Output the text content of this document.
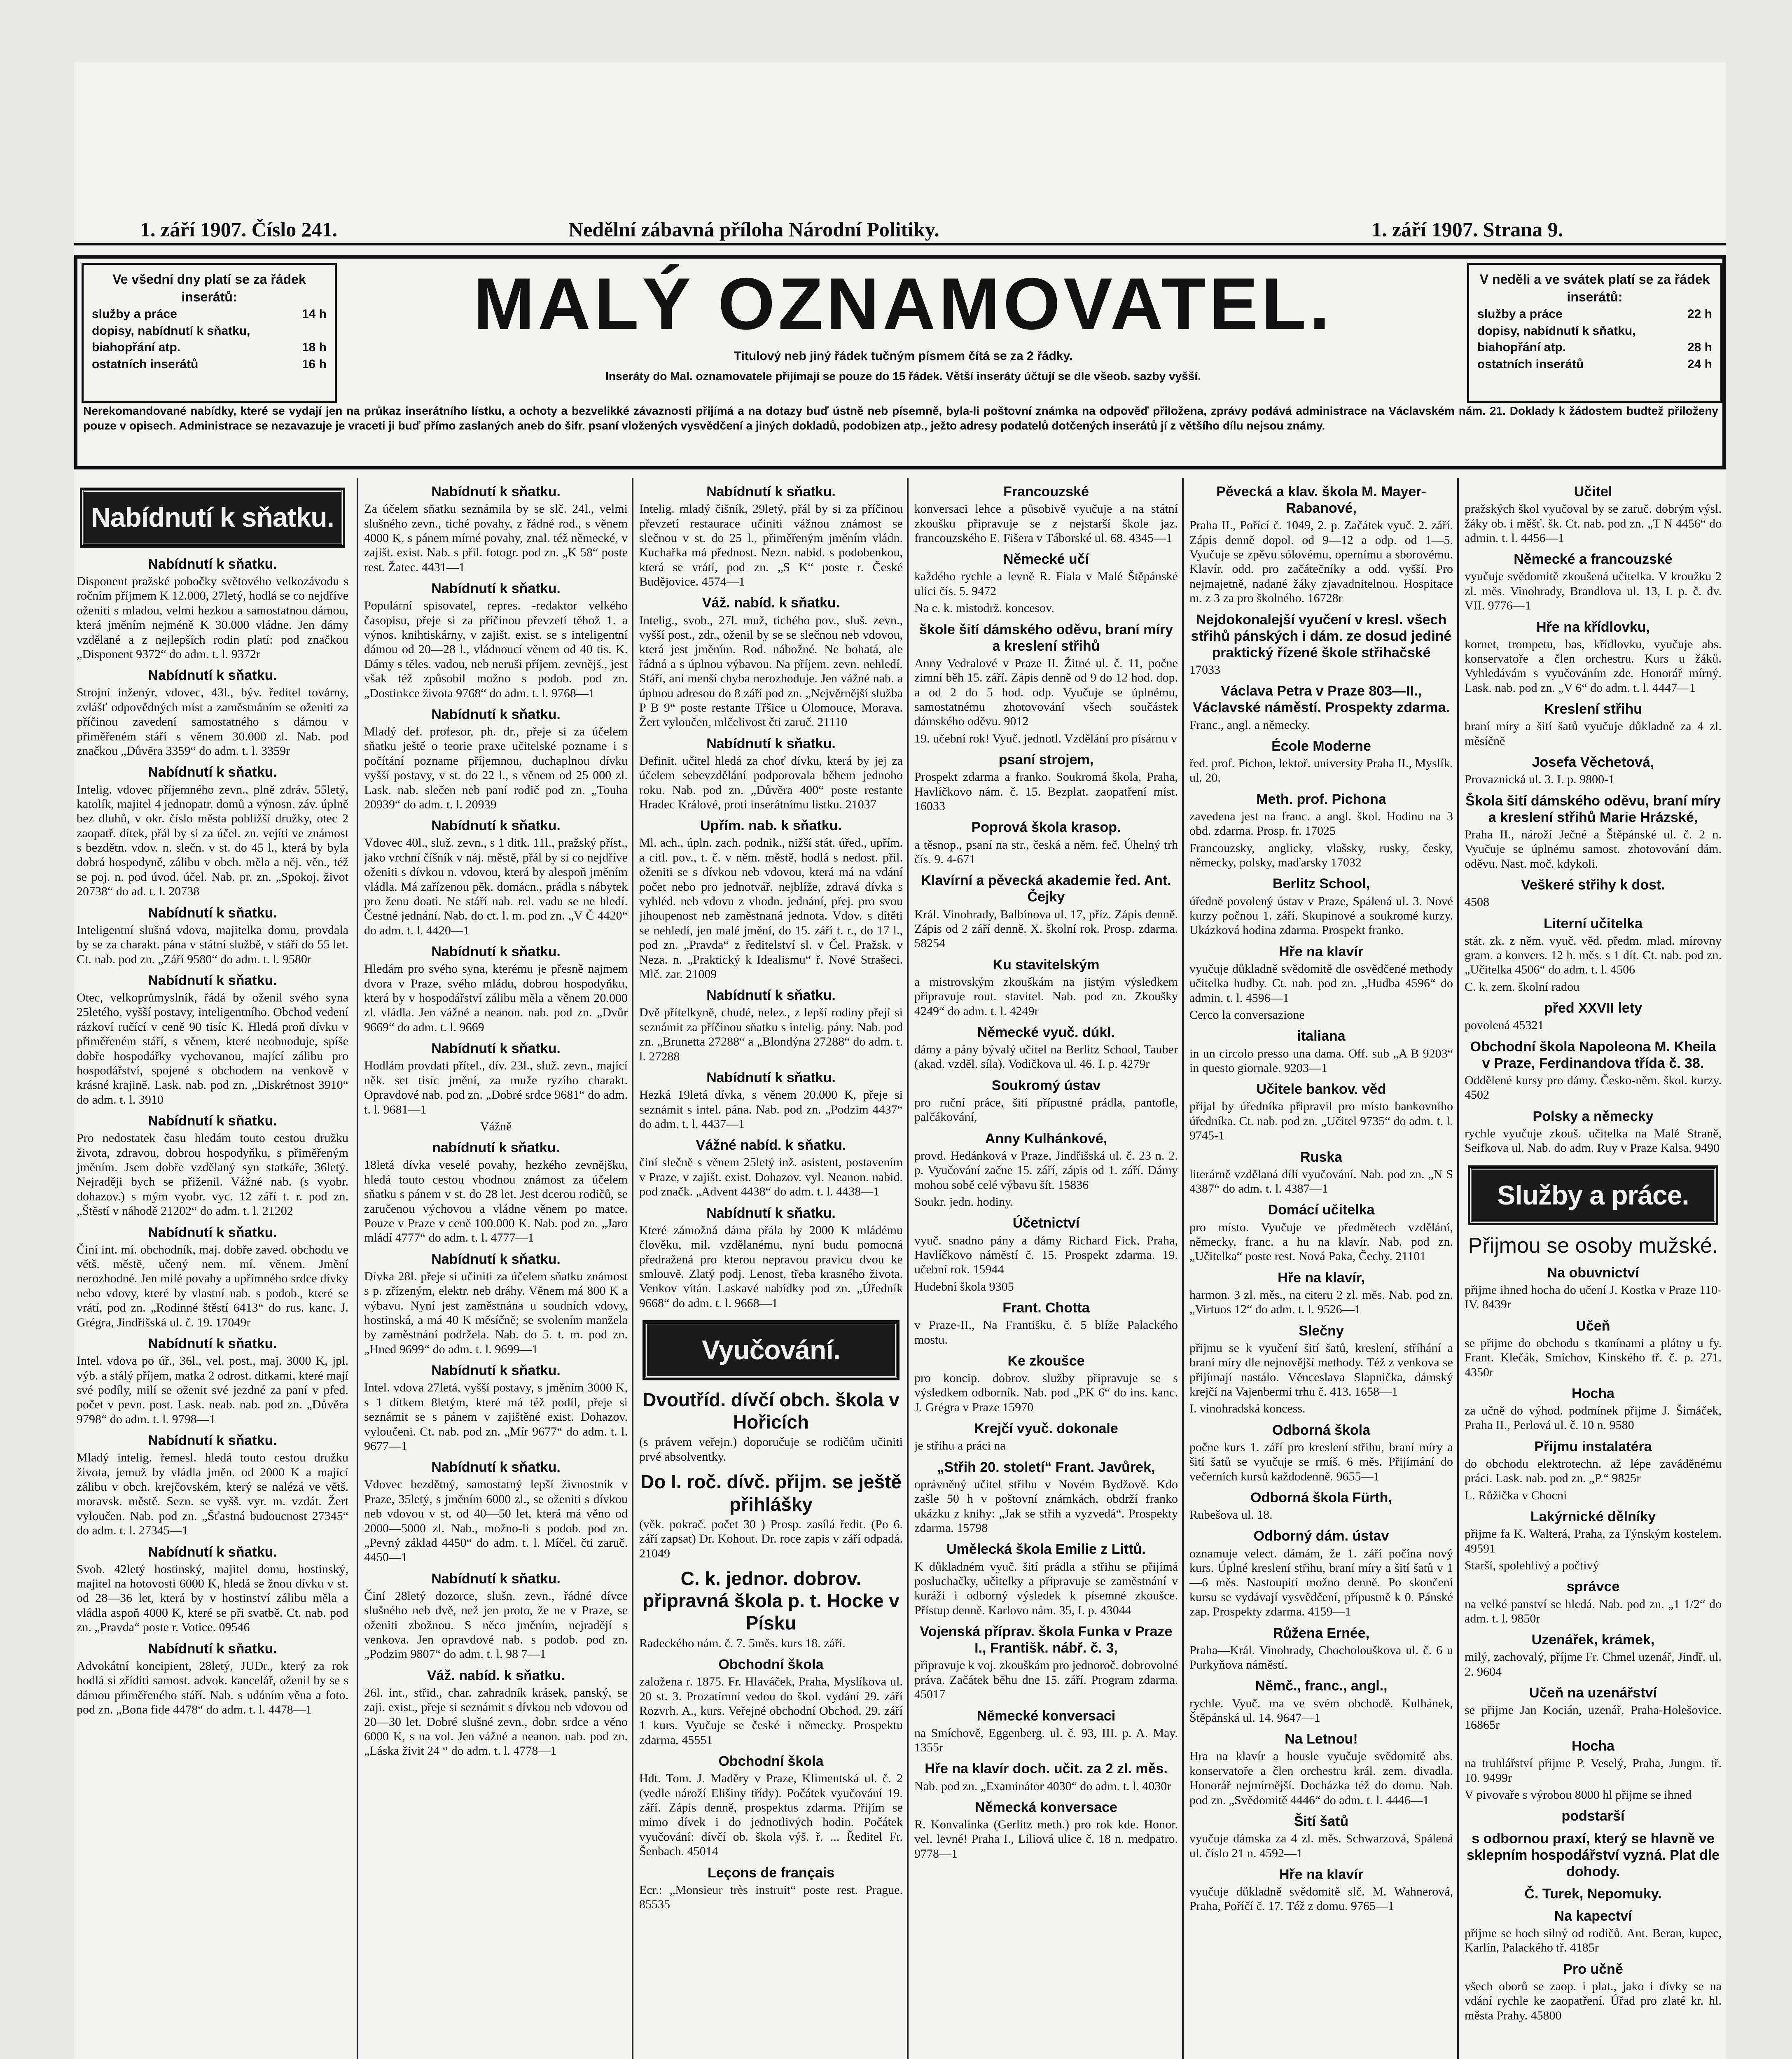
1. září 1907. Číslo 241.	Nedělní zábavná příloha Národní Politiky.	1. září 1907. Strana 9.
Ve všední dny platí se za řádek inserátů:
služby a práce	14 h
dopisy, nabídnutí k sňatku,
biahopřání atp.	18 h
ostatních inserátů	16 h
MALÝ OZNAMOVATEL.
Titulový neb jiný řádek tučným písmem čítá se za 2 řádky.
Inseráty do Mal. oznamovatele přijímají se pouze do 15 řádek. Větší inseráty účtují se dle všeob. sazby vyšší.
V neděli a ve svátek platí se za řádek inserátů:
služby a práce	22 h
dopisy, nabídnutí k sňatku,
biahopřání atp.	28 h
ostatních inserátů	24 h
Nerekomandované nabídky, které se vydají jen na průkaz inserátního lístku, a ochoty a bezvelikké závaznosti přijímá a na dotazy buď ústně neb písemně, byla-li poštovní známka na odpověď přiložena, zprávy podává administrace na Václavském nám. 21. Doklady k žádostem budtež přiloženy pouze v opisech. Administrace se nezavazuje je vraceti ji buď přímo zaslaných aneb do šifr. psaní vložených vysvědčení a jiných dokladů, podobizen atp., ježto adresy podatelů dotčených inserátů jí z většího dílu nejsou známy.
Nabídnutí k sňatku.
Nabídnutí k sňatku.

Disponent pražské pobočky světového velkozávodu s ročním příjmem K 12.000, 27letý, hodlá se co nejdříve oženiti s mladou, velmi hezkou a samostatnou dámou, která jměním nejméně K 30.000 vládne. Jen dámy vzdělané a z nejlepších rodin platí: pod značkou „Disponent 9372“ do adm. t. l. 9372r

Nabídnutí k sňatku.

Strojní inženýr, vdovec, 43l., býv. ředitel továrny, zvlášť odpovědných míst a zaměstnáním se oženiti za příčinou zavedení samostatného s dámou v přiměřeném stáří s věnem 30.000 zl. Nab. pod značkou „Důvěra 3359“ do adm. t. l. 3359r

Nabídnutí k sňatku.

Intelig. vdovec příjemného zevn., plně zdráv, 55letý, katolík, majitel 4 jednopatr. domů a výnosn. záv. úplně bez dluhů, v okr. číslo města pobližší družky, otec 2 zaopatř. dítek, přál by si za účel. zn. vejíti ve známost s bezdětn. vdov. n. slečn. v st. do 45 l., která by byla dobrá hospodyně, zálibu v obch. měla a něj. věn., též se poj. n. pod úvod. účel. Nab. pr. zn. „Spokoj. život 20738“ do ad. t. l. 20738

Nabídnutí k sňatku.

Inteligentní slušná vdova, majitelka domu, provdala by se za charakt. pána v státní službě, v stáří do 55 let. Ct. nab. pod zn. „Září 9580“ do adm. t. l. 9580r

Nabídnutí k sňatku.

Otec, velkoprůmyslník, řádá by oženil svého syna 25letého, vyšší postavy, inteligentního. Obchod vedení rázkoví ručící v ceně 90 tisíc K. Hledá proň dívku v přiměřeném stáří, s věnem, které neobnoduje, spíše dobře hospodářky vychovanou, mající zálibu pro hospodářství, spojené s obchodem na venkově v krásné krajině. Lask. nab. pod zn. „Diskrétnost 3910“ do adm. t. l. 3910

Nabídnutí k sňatku.

Pro nedostatek času hledám touto cestou družku života, zdravou, dobrou hospodyňku, s přiměřeným jměním. Jsem dobře vzdělaný syn statkáře, 36letý. Nejraději bych se přiženil. Vážné nab. (s vyobr. dohazov.) s mým vyobr. vyc. 12 září t. r. pod zn. „Štěstí v náhodě 21202“ do adm. t. l. 21202

Nabídnutí k sňatku.

Činí int. mí. obchodník, maj. dobře zaved. obchodu ve větš. městě, učený nem. mí. věnem. Jmění nerozhodné. Jen milé povahy a upřímného srdce dívky nebo vdovy, které by vlastní nab. s podob., které se vrátí, pod zn. „Rodinné štěstí 6413“ do rus. kanc. J. Grégra, Jindřišská ul. č. 19. 17049r

Nabídnutí k sňatku.

Intel. vdova po úř., 36l., vel. post., maj. 3000 K, jpl. výb. a stálý příjem, matka 2 odrost. ditkami, které mají své podíly, milí se oženit své jezdné za paní v pfed. počet v pevn. post. Lask. neab. nab. pod zn. „Důvěra 9798“ do adm. t. l. 9798—1

Nabídnutí k sňatku.

Mladý intelig. řemesl. hledá touto cestou družku života, jemuž by vládla jměn. od 2000 K a mající zálibu v obch. krejčovském, který se nalézá ve větš. moravsk. městě. Sezn. se vyšš. vyr. m. vzdát. Žert vyloučen. Nab. pod zn. „Šťastná budoucnost 27345“ do adm. t. l. 27345—1

Nabídnutí k sňatku.

Svob. 42letý hostinský, majitel domu, hostinský, majitel na hotovosti 6000 K, hledá se žnou dívku v st. od 28—36 let, která by v hostinství zálibu měla a vládla aspoň 4000 K, které se při svatbě. Ct. nab. pod zn. „Pravda“ poste r. Votice. 09546

Nabídnutí k sňatku.

Advokátní koncipient, 28letý, JUDr., který za rok hodlá si zříditi samost. advok. kancelář, oženil by se s dámou přiměřeného stáří. Nab. s udáním věna a foto. pod zn. „Bona fide 4478“ do adm. t. l. 4478—1

Nabídnutí k sňatku.

Za účelem sňatku seznámila by se slč. 24l., velmi slušného zevn., tiché povahy, z řádné rod., s věnem 4000 K, s pánem mírné povahy, znal. též německé, v zajišt. exist. Nab. s přil. fotogr. pod zn. „K 58“ poste rest. Žatec. 4431—1

Nabídnutí k sňatku.

Populární spisovatel, repres. -redaktor velkého časopisu, přeje si za příčinou převzetí těhož 1. a výnos. knihtiskárny, v zajišt. exist. se s inteligentní dámou od 20—28 l., vládnoucí věnem od 40 tis. K. Dámy s těles. vadou, neb neruši příjem. zevnějš., jest však též způsobil možno s podob. pod zn. „Dostinkce života 9768“ do adm. t. l. 9768—1

Nabídnutí k sňatku.

Mladý def. profesor, ph. dr., přeje si za účelem sňatku ještě o teorie praxe učitelské pozname i s počítání pozname příjemnou, duchaplnou dívku vyšší postavy, v st. do 22 l., s věnem od 25 000 zl. Lask. nab. slečen neb paní rodič pod zn. „Touha 20939“ do adm. t. l. 20939

Nabídnutí k sňatku.

Vdovec 40l., služ. zevn., s 1 ditk. 11l., pražský příst., jako vrchní číšník v náj. městě, přál by si co nejdříve oženiti s dívkou n. vdovou, která by alespoň jměním vládla. Má zařízenou pěk. domácn., prádla s nábytek pro ženu doati. Ne stáří nab. rel. vadu se ne hledí. Čestné jednání. Nab. do ct. l. m. pod zn. „V Č 4420“ do adm. t. l. 4420—1

Nabídnutí k sňatku.

Hledám pro svého syna, kterému je přesně najmem dvora v Praze, svého mládu, dobrou hospodyňku, která by v hospodářství zálibu měla a věnem 20.000 zl. vládla. Jen vážné a neanon. nab. pod zn. „Dvůr 9669“ do adm. t. l. 9669

Nabídnutí k sňatku.

Hodlám provdati přítel., dív. 23l., služ. zevn., mající něk. set tisíc jmění, za muže ryzího charakt. Opravdové nab. pod zn. „Dobré srdce 9681“ do adm. t. l. 9681—1

Vážně

nabídnutí k sňatku.

18letá dívka veselé povahy, hezkého zevnějšku, hledá touto cestou vhodnou známost za účelem sňatku s pánem v st. do 28 let. Jest dcerou rodičů, se zaručenou výchovou a vládne věnem po matce. Pouze v Praze v ceně 100.000 K. Nab. pod zn. „Jaro mládí 4777“ do adm. t. l. 4777—1

Nabídnutí k sňatku.

Dívka 28l. přeje si učiniti za účelem sňatku známost s p. zřízeným, elektr. neb dráhy. Věnem má 800 K a výbavu. Nyní jest zaměstnána u soudních vdovy, hostinská, a má 40 K měsíčně; se svolením manžela by zaměstnání podržela. Nab. do 5. t. m. pod zn. „Hned 9699“ do adm. t. l. 9699—1

Nabídnutí k sňatku.

Intel. vdova 27letá, vyšší postavy, s jměním 3000 K, s 1 dítkem 8letým, které má též podíl, přeje si seznámit se s pánem v zajištěné exist. Dohazov. vyloučeni. Ct. nab. pod zn. „Mír 9677“ do adm. t. l. 9677—1

Nabídnutí k sňatku.

Vdovec bezdětný, samostatný lepší živnostník v Praze, 35letý, s jměním 6000 zl., se oženiti s dívkou neb vdovou v st. od 40—50 let, která má věno od 2000—5000 zl. Nab., možno-li s podob. pod zn. „Pevný základ 4450“ do adm. t. l. Míčel. čti zaruč. 4450—1

Nabídnutí k sňatku.

Činí 28letý dozorce, slušn. zevn., řádné dívce slušného neb dvě, než jen proto, že ne v Praze, se oženiti zbožnou. S něco jměním, nejradějí s venkova. Jen opravdové nab. s podob. pod zn. „Podzim 9807“ do adm. t. l. 98 7—1

Váž. nabíd. k sňatku.

26l. int., střid., char. zahradník krásek, panský, se zaji. exist., přeje si seznámit s dívkou neb vdovou od 20—30 let. Dobré slušné zevn., dobr. srdce a věno 6000 K, s na vol. Jen vážné a neanon. nab. pod zn. „Láska živit 24 “ do adm. t. l. 4778—1

Nabídnutí k sňatku.

Intelig. mladý čišník, 29letý, přál by si za příčinou převzetí restaurace učiniti vážnou známost se slečnou v st. do 25 l., přiměřeným jměním vládn. Kuchařka má přednost. Nezn. nabid. s podobenkou, která se vrátí, pod zn. „S K“ poste r. České Budějovice. 4574—1

Váž. nabíd. k sňatku.

Intelig., svob., 27l. muž, tichého pov., sluš. zevn., vyšší post., zdr., oženil by se se slečnou neb vdovou, která jest jměním. Rod. nábožné. Ne bohatá, ale řádná a s úplnou výbavou. Na příjem. zevn. nehledí. Stáří, ani menší chyba nerozhoduje. Jen vážné nab. a úplnou adresou do 8 září pod zn. „Nejvěrnější služba P B 9“ poste restante Třšice u Olomouce, Morava. Žert vyloučen, mlčelivost čti zaruč. 21110

Nabídnutí k sňatku.

Definit. učitel hledá za choť dívku, která by jej za účelem sebevzdělání podporovala během jednoho roku. Nab. pod zn. „Důvěra 400“ poste restante Hradec Králové, proti inserátnímu listku. 21037

Upřím. nab. k sňatku.

Ml. ach., úpln. zach. podnik., nižší stát. úřed., upřím. a citl. pov., t. č. v něm. městě, hodlá s nedost. přil. oženiti se s dívkou neb vdovou, která má na vdání počet nebo pro jednotvář. nejblíže, zdravá dívka s vyhléd. neb vdovu z vhodn. jednání, přej. pro svou jihoupenost neb zaměstnaná jednota. Vdov. s dítěti se nehledí, jen malé jmění, do 15. září t. r., do 17 l., pod zn. „Pravda“ z ředitelství sl. v Čel. Pražsk. v Neza. n. „Praktický k Idealismu“ ř. Nové Strašeci. Mlč. zar. 21009

Nabídnutí k sňatku.

Dvě přítelkyně, chudé, nelez., z lepší rodiny přejí si seznámit za příčinou sňatku s intelig. pány. Nab. pod zn. „Brunetta 27288“ a „Blondýna 27288“ do adm. t. l. 27288

Nabídnutí k sňatku.

Hezká 19letá dívka, s věnem 20.000 K, přeje si seznámit s intel. pána. Nab. pod zn. „Podzim 4437“ do adm. t. l. 4437—1

Vážné nabíd. k sňatku.

činí slečně s věnem 25letý inž. asistent, postavením v Praze, v zajišt. exist. Dohazov. vyl. Neanon. nabid. pod značk. „Advent 4438“ do adm. t. l. 4438—1

Nabídnutí k sňatku.

Které zámožná dáma přála by 2000 K mládému člověku, mil. vzdělanému, nyní budu pomocná předražená pro kterou nepravou pravicu dvou ke smlouvě. Zlatý podj. Lenost, třeba krasného života. Venkov vítán. Laskavé nabídky pod zn. „Úředník 9668“ do adm. t. l. 9668—1

Vyučování.
Dvoutříd. dívčí obch. škola v Hořicích

(s právem veřejn.) doporučuje se rodičům učiniti prvé absolventky.

Do I. roč. dívč. přijm. se ještě přihlášky

(věk. pokrač. počet 30 ) Prosp. zasílá ředit. (Po 6. září zapsat) Dr. Kohout. Dr. roce zapis v září odpadá. 21049

C. k. jednor. dobrov. připravná škola p. t. Hocke v Písku

Radeckého nám. č. 7. 5měs. kurs 18. září.

Obchodní škola

založena r. 1875. Fr. Hlaváček, Praha, Myslíkova ul. 20 st. 3. Prozatímní vedou do škol. vydání 29. září Rozvrh. A., kurs. Veřejné obchodní Obchod. 29. září 1 kurs. Vyučuje se české i německy. Prospektu zdarma. 45551

Obchodní škola

Hdt. Tom. J. Maděry v Praze, Klimentská ul. č. 2 (vedle nároží Elišiny třídy). Počátek vyučování 19. září. Zápis denně, prospektus zdarma. Přijím se mimo dívek i do jednotlivých hodin. Počátek vyučování: dívčí ob. škola výš. ř. ... Ředitel Fr. Šenbach. 45014

Leçons de français

Ecr.: „Monsieur très instruit“ poste rest. Prague. 85535

Francouzské

konversaci lehce a působivě vyučuje a na státní zkoušku připravuje se z nejstarší škole jaz. francouzského E. Fišera v Táborské ul. 68. 4345—1

Německé učí

každého rychle a levně R. Fiala v Malé Štěpánské ulici čís. 5. 9472

Na c. k. mistodrž. koncesov.

škole šití dámského oděvu, braní míry a kreslení střihů

Anny Vedralové v Praze II. Žitné ul. č. 11, počne zimní běh 15. září. Zápis denně od 9 do 12 hod. dop. a od 2 do 5 hod. odp. Vyučuje se úplnému, samostatnému zhotovování všech součástek dámského oděvu. 9012

19. učební rok! Vyuč. jednotl. Vzdělání pro písárnu v

psaní strojem,

Prospekt zdarma a franko. Soukromá škola, Praha, Havlíčkovo nám. č. 15. Bezplat. zaopatření míst. 16033

Poprová škola krasop.

a těsnop., psaní na str., česká a něm. feč. Úhelný trh čís. 9. 4-671

Klavírní a pěvecká akademie řed. Ant. Čejky

Král. Vinohrady, Balbínova ul. 17, příz. Zápis denně. Zápis od 2 září denně. X. školní rok. Prosp. zdarma. 58254

Ku stavitelským

a mistrovským zkouškám na jistým výsledkem připravuje rout. stavitel. Nab. pod zn. Zkoušky 4249“ do adm. t. l. 4249r

Německé vyuč. dúkl.

dámy a pány bývalý učitel na Berlitz School, Tauber (akad. vzděl. síla). Vodičkova ul. 46. I. p. 4279r

Soukromý ústav

pro ruční práce, šití přípustné prádla, pantofle, palčákování,

Anny Kulhánkové,

provd. Hedánková v Praze, Jindřišská ul. č. 23 n. 2. p. Vyučování začne 15. září, zápis od 1. září. Dámy mohou sobě celé výbavu šít. 15836

Soukr. jedn. hodiny.

Účetnictví

vyuč. snadno pány a dámy Richard Fick, Praha, Havlíčkovo náměstí č. 15. Prospekt zdarma. 19. učební rok. 15944

Hudební škola 9305

Frant. Chotta

v Praze-II., Na Františku, č. 5 blíže Palackého mostu.

Ke zkoušce

pro koncip. dobrov. služby připravuje se s výsledkem odborník. Nab. pod „PK 6“ do ins. kanc. J. Grégra v Praze 15970

Krejčí vyuč. dokonale

je střihu a práci na

„Střih 20. století“ Frant. Javůrek,

oprávněný učitel střihu v Novém Bydžově. Kdo zašle 50 h v poštovní známkách, obdrží franko ukázku z knihy: „Jak se střih a vyzvedá“. Prospekty zdarma. 15798

Umělecká škola Emilie z Littů.

K důkladném vyuč. šití prádla a střihu se přijímá posluchačky, učitelky a připravuje se zaměstnání v kuráži i odborný výsledek k písemné zkoušce. Přístup denně. Karlovo nám. 35, I. p. 43044

Vojenská příprav. škola Funka v Praze I., Františk. nábř. č. 3,

připravuje k voj. zkouškám pro jednoroč. dobrovolné práva. Začátek běhu dne 15. září. Program zdarma. 45017

Německé konversaci

na Smíchově, Eggenberg. ul. č. 93, III. p. A. May. 1355r

Hře na klavír doch. učit. za 2 zl. měs.

Nab. pod zn. „Examinátor 4030“ do adm. t. l. 4030r

Německá konversace

R. Konvalinka (Gerlitz meth.) pro rok kde. Honor. vel. levné! Praha I., Liliová ulice č. 18 n. medpatro. 9778—1

Pěvecká a klav. škola M. Mayer-Rabanové,

Praha II., Pořící č. 1049, 2. p. Začátek vyuč. 2. září. Zápis denně dopol. od 9—12 a odp. od 1—5. Vyučuje se zpěvu sólovému, opernímu a sborovému. Klavír. odd. pro začátečníky a odd. vyšší. Pro nejmajetně, nadané žáky zjavadnitelnou. Hospitace m. z 3 za pro školného. 16728r

Nejdokonalejší vyučení v kresl. všech střihů pánských i dám. ze dosud jediné praktický řízené škole střihačské

17033

Václava Petra v Praze 803—II., Václavské náměstí. Prospekty zdarma.

Franc., angl. a německy.

École Moderne

řed. prof. Pichon, lektoř. university Praha II., Myslík. ul. 20.

Meth. prof. Pichona

zavedena jest na franc. a angl. škol. Hodinu na 3 obd. zdarma. Prosp. fr. 17025

Francouzsky, anglicky, vlašsky, rusky, česky, německy, polsky, maďarsky 17032

Berlitz School,

úředně povolený ústav v Praze, Spálená ul. 3. Nové kurzy počnou 1. září. Skupinové a soukromé kurzy. Ukázková hodina zdarma. Prospekt franko.

Hře na klavír

vyučuje důkladně svědomitě dle osvědčené methody učitelka hudby. Ct. nab. pod zn. „Hudba 4596“ do admin. t. l. 4596—1

Cerco la conversazione

italiana

in un circolo presso una dama. Off. sub „A B 9203“ in questo giornale. 9203—1

Učitele bankov. věd

přijal by úředníka připravil pro místo bankovního úředníka. Ct. nab. pod zn. „Učitel 9735“ do adm. t. l. 9745-1

Ruska

literárně vzdělaná dílí vyučování. Nab. pod zn. „N S 4387“ do adm. t. l. 4387—1

Domácí učitelka

pro místo. Vyučuje ve předmětech vzdělání, německy, franc. a hu na klavír. Nab. pod zn. „Učitelka“ poste rest. Nová Paka, Čechy. 21101

Hře na klavír,

harmon. 3 zl. měs., na citeru 2 zl. měs. Nab. pod zn. „Virtuos 12“ do adm. t. l. 9526—1

Slečny

přijmu se k vyučení šití šatů, kreslení, stříhání a braní míry dle nejnovější methody. Též z venkova se přijímají nastálo. Věnceslava Slapnička, dámský krejčí na Vajenbermi trhu č. 413. 1658—1

I. vinohradská koncess.

Odborná škola

počne kurs 1. září pro kreslení střihu, braní míry a šití šatů se vyučuje se rmíš. 6 měs. Přijímání do večerních kursů každodenně. 9655—1

Odborná škola Fürth,

Rubešova ul. 18.

Odborný dám. ústav

oznamuje velect. dámám, že 1. září počína nový kurs. Úplné kreslení střihu, braní míry a šití šatů v 1—6 měs. Nastoupití možno denně. Po skončení kursu se vydávají vysvědčení, přípustně k 0. Pánské zap. Prospekty zdarma. 4159—1

Růžena Ernée,

Praha—Král. Vinohrady, Chocholouškova ul. č. 6 u Purkyňova náměstí.

Němč., franc., angl.,

rychle. Vyuč. ma ve svém obchodě. Kulhánek, Štěpánská ul. 14. 9647—1

Na Letnou!

Hra na klavír a housle vyučuje svědomitě abs. konservatoře a člen orchestru král. zem. divadla. Honorář nejmírnější. Docházka též do domu. Nab. pod zn. „Svědomitě 4446“ do adm. t. l. 4446—1

Šití šatů

vyučuje dámska za 4 zl. měs. Schwarzová, Spálená ul. číslo 21 n. 4592—1

Hře na klavír

vyučuje důkladně svědomitě slč. M. Wahnerová, Praha, Poříčí č. 17. Též z domu. 9765—1

Učitel

pražských škol vyučoval by se zaruč. dobrým výsl. žáky ob. i měšť. šk. Ct. nab. pod zn. „T N 4456“ do admin. t. l. 4456—1

Německé a francouzské

vyučuje svědomitě zkoušená učitelka. V kroužku 2 zl. měs. Vinohrady, Brandlova ul. 13, I. p. č. dv. VII. 9776—1

Hře na křídlovku,

kornet, trompetu, bas, křídlovku, vyučuje abs. konservatoře a člen orchestru. Kurs u žáků. Vyhledávám s vyučováním zde. Honorář mírný. Lask. nab. pod zn. „V 6“ do adm. t. l. 4447—1

Kreslení střihu

braní míry a šití šatů vyučuje důkladně za 4 zl. měsíčně

Josefa Věchetová,

Provaznická ul. 3. I. p. 9800-1

Škola šití dámského oděvu, braní míry a kreslení střihů Marie Hrázské,

Praha II., nároží Ječné a Štěpánské ul. č. 2 n. Vyučuje se úplnému samost. zhotovování dám. oděvu. Nast. moč. kdykoli.

Veškeré střihy k dost.

4508

Literní učitelka

stát. zk. z něm. vyuč. věd. předm. mlad. mírovny gram. a konvers. 12 h. měs. s 1 dít. Ct. nab. pod zn. „Učitelka 4506“ do adm. t. l. 4506

C. k. zem. školní radou

před XXVII lety

povolená 45321

Obchodní škola Napoleona M. Kheila v Praze, Ferdinandova třída č. 38.

Oddělené kursy pro dámy. Česko-něm. škol. kurzy. 4502

Polsky a německy

rychle vyučuje zkouš. učitelka na Malé Straně, Seifkova ul. Nab. do adm. Ruy v Praze Kalsa. 9490

Služby a práce.
Přijmou se osoby mužské.
Na obuvnictví

přijme ihned hocha do učení J. Kostka v Praze 110-IV. 8439r

Učeň

se přijme do obchodu s tkanínami a plátny u fy. Frant. Klečák, Smíchov, Kinského tř. č. p. 271. 4350r

Hocha

za učně do výhod. podmínek přijme J. Šimáček, Praha II., Perlová ul. č. 10 n. 9580

Přijmu instalatéra

do obchodu elektrotechn. až lépe zaváděnému práci. Lask. nab. pod zn. „P.“ 9825r

L. Růžička v Chocni

Lakýrnické dělníky

přijme fa K. Walterá, Praha, za Týnským kostelem. 49591

Starší, spolehlivý a počtivý

správce

na velké panství se hledá. Nab. pod zn. „1 1/2“ do adm. t. l. 9850r

Uzenářek, krámek,

milý, zachovalý, příjme Fr. Chmel uzenář, Jindř. ul. 2. 9604

Učeň na uzenářství

se přijme Jan Kocián, uzenář, Praha-Holešovice. 16865r

Hocha

na truhlářství přijme P. Veselý, Praha, Jungm. tř. 10. 9499r

V pivovaře s výrobou 8000 hl přijme se ihned

podstarší
s odbornou praxí, který se hlavně ve sklepním hospodářství vyzná. Plat dle dohody.
Č. Turek, Nepomuky.
Na kapectví

přijme se hoch silný od rodičů. Ant. Beran, kupec, Karlín, Palackého tř. 4185r

Pro učně

všech oborů se zaop. i plat., jako i dívky se na vdání rychle ke zaopatření. Úřad pro zlaté kr. hl. města Prahy. 45800
